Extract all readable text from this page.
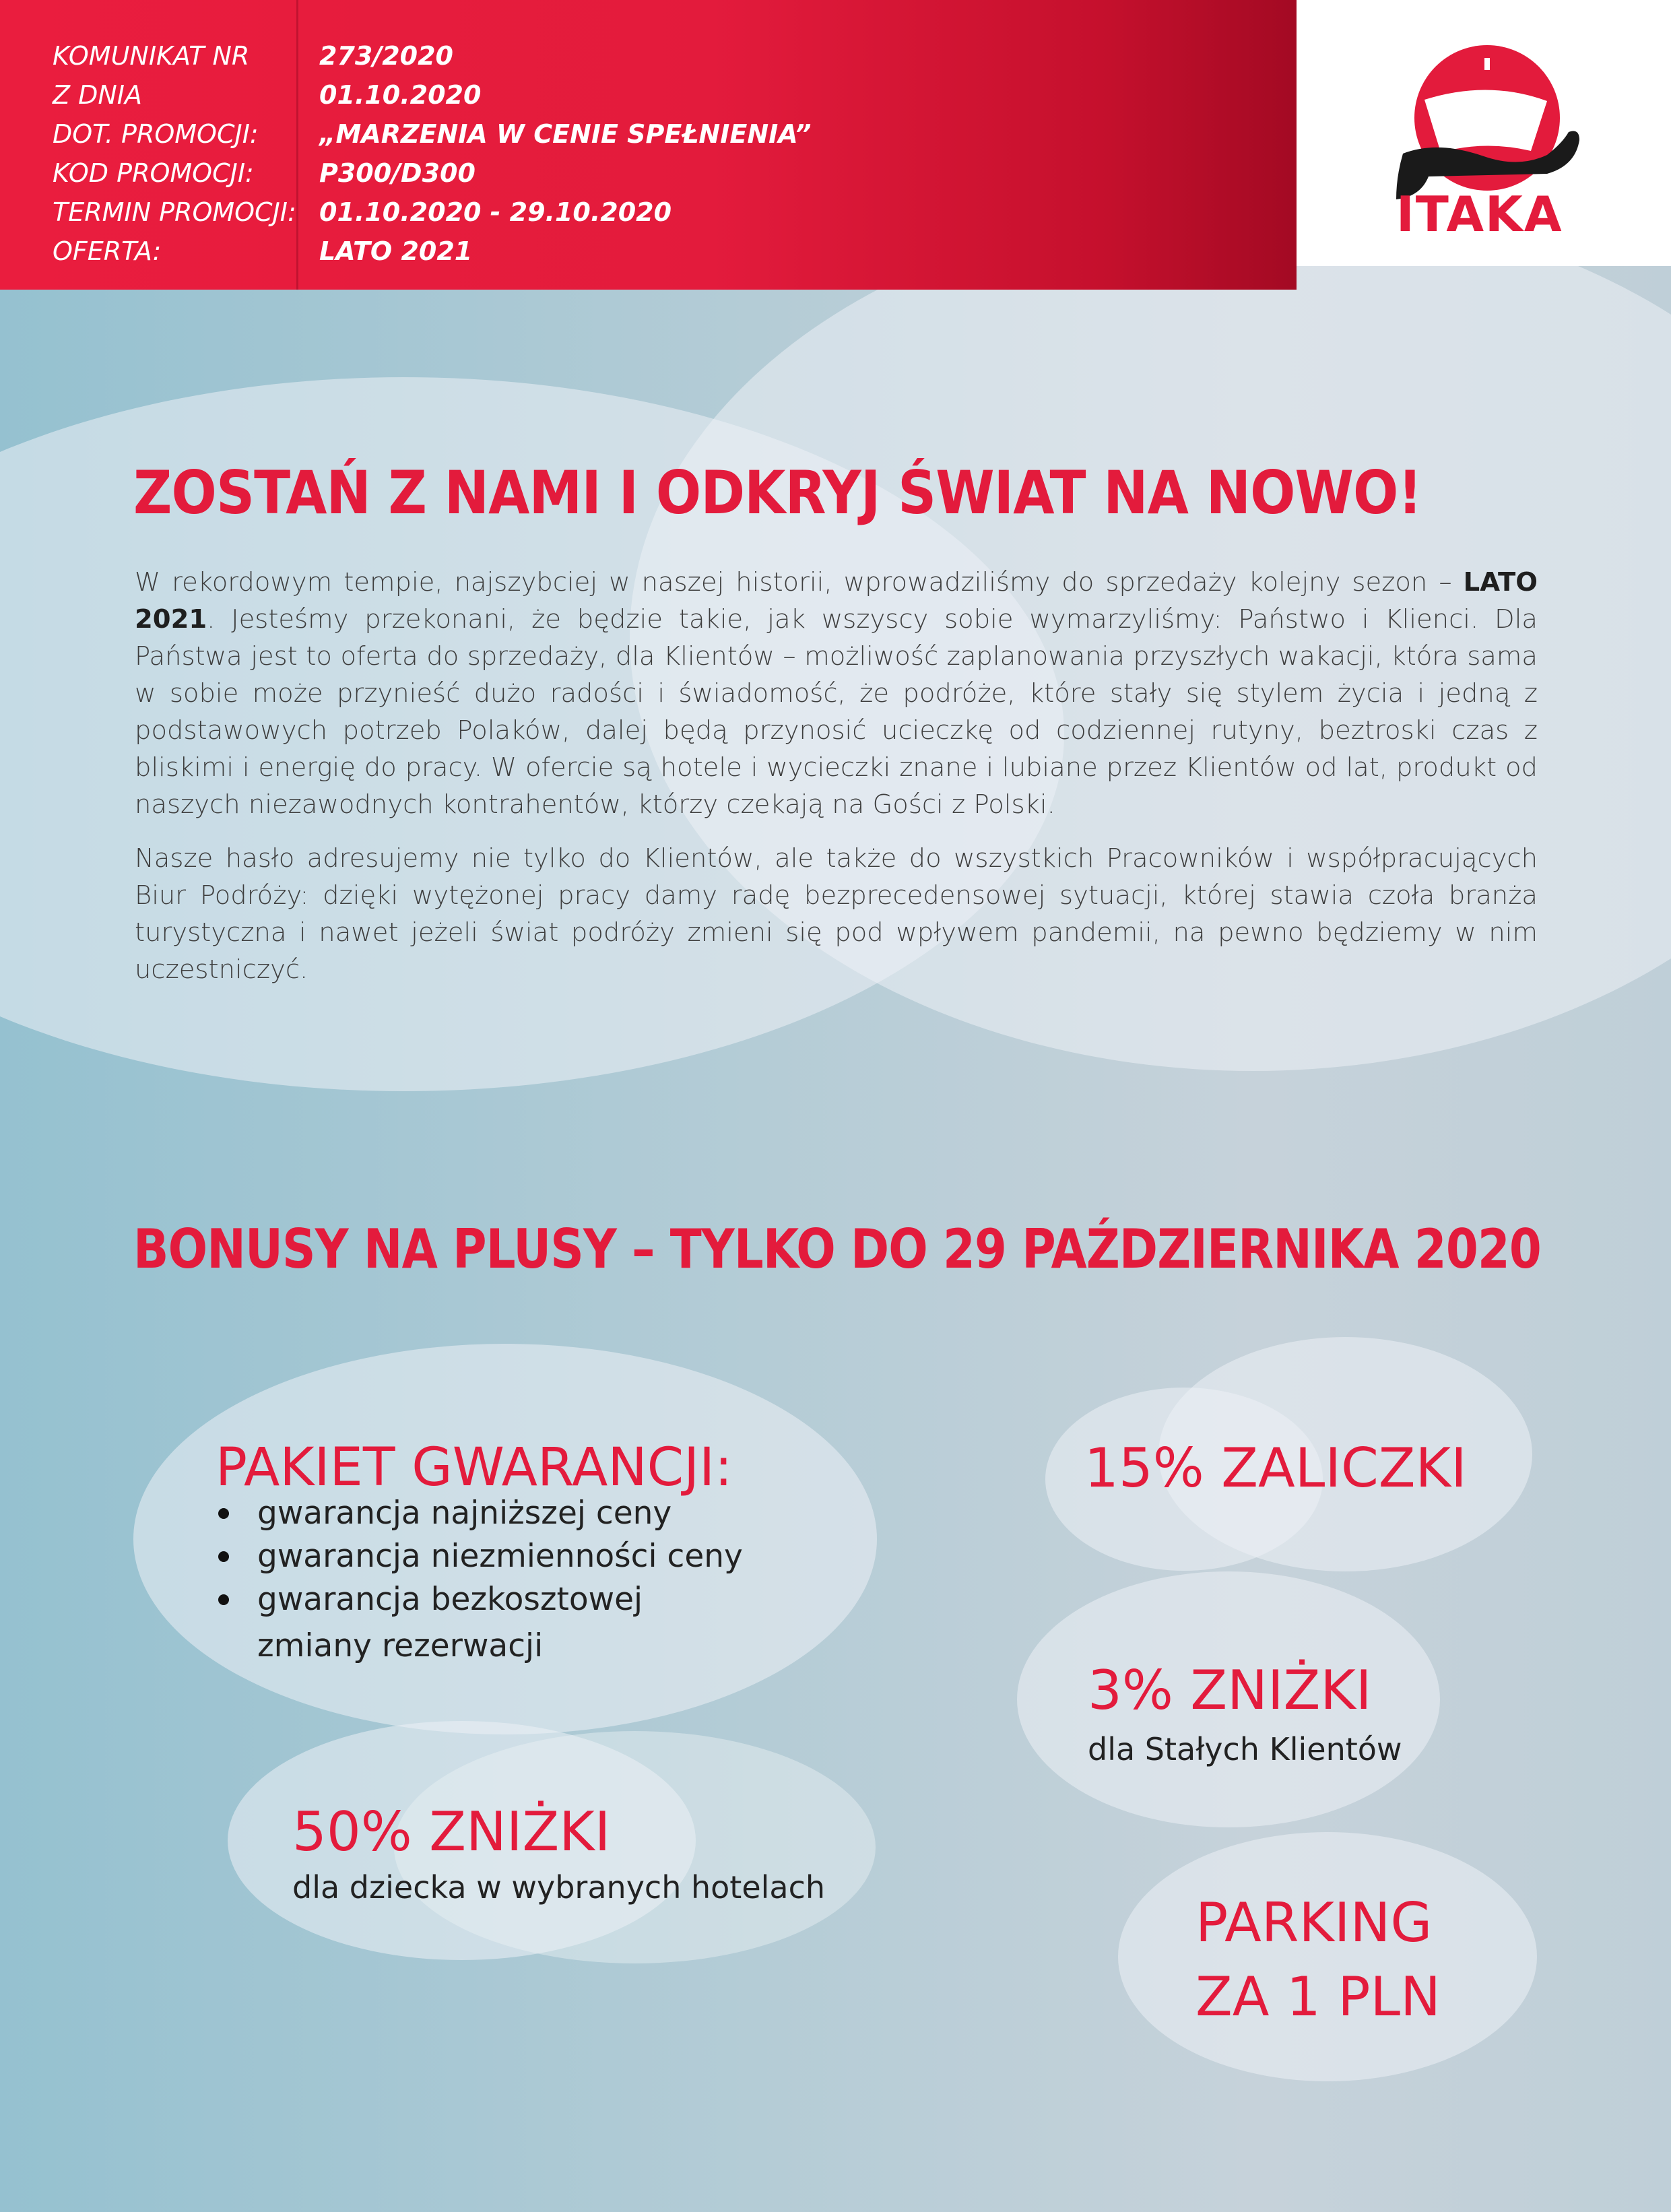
KOMUNIKAT NR	273/2020
Z DNIA	01.10.2020
DOT. PROMOCJI: „MARZENIA W CENIE SPEŁNIENIA”
KOD PROMOCJI:	P300/D300
TERMIN PROMOCJI: 01.10.2020 - 29.10.2020
OFERTA:	LATO 2021
ITAKA
ZOSTAŃ Z NAMI I ODKRYJ ŚWIAT NA NOWO!

W rekordowym tempie, najszybciej w naszej historii, wprowadziliśmy do sprzedaży kolejny sezon – LATO 2021. Jesteśmy przekonani, że będzie takie, jak wszyscy sobie wymarzyliśmy: Państwo i Klienci. Dla Państwa jest to oferta do sprzedaży, dla Klientów – możliwość zaplanowania przyszłych wakacji, która sama w sobie może przynieść dużo radości i świadomość, że podróże, które stały się stylem życia i jedną z podstawowych potrzeb Polaków, dalej będą przynosić ucieczkę od codziennej rutyny, beztroski czas z bliskimi i energię do pracy. W ofercie są hotele i wycieczki znane i lubiane przez Klientów od lat, produkt od naszych niezawodnych kontrahentów, którzy czekają na Gości z Polski.

Nasze hasło adresujemy nie tylko do Klientów, ale także do wszystkich Pracowników i współpracujących Biur Podróży: dzięki wytężonej pracy damy radę bezprecedensowej sytuacji, której stawia czoła branża turystyczna i nawet jeżeli świat podróży zmieni się pod wpływem pandemii, na pewno będziemy w nim uczestniczyć.

BONUSY NA PLUSY – TYLKO DO 29 PAŹDZIERNIKA 2020
PAKIET GWARANCJI:
gwarancja najniższej ceny
gwarancja niezmienności ceny
gwarancja bezkosztowej
zmiany rezerwacji
50% ZNIŻKI
dla dziecka w wybranych hotelach
15% ZALICZKI
3% ZNIŻKI
dla Stałych Klientów
PARKING
ZA 1 PLN
